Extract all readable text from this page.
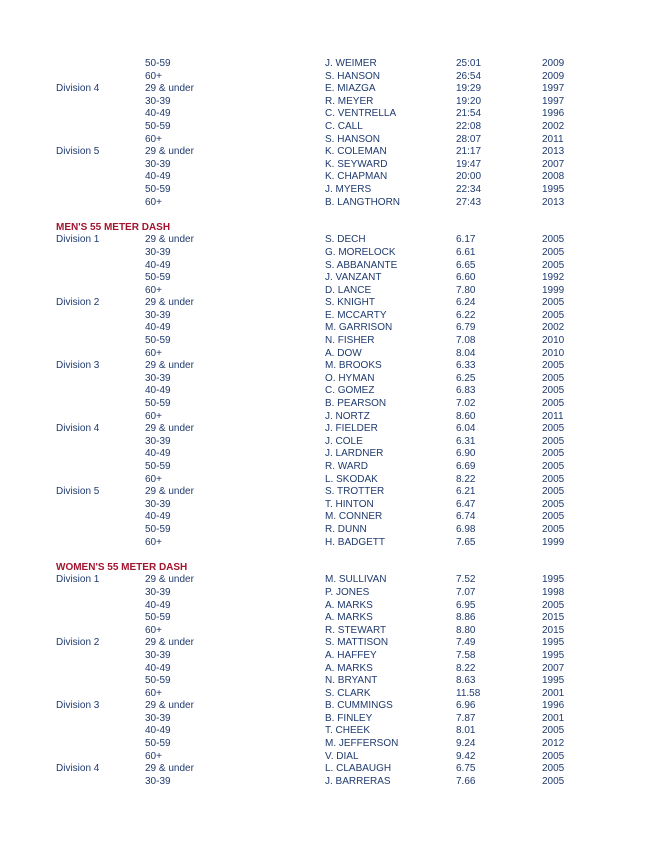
50-59	J. WEIMER	25:01	2009
60+	S. HANSON	26:54	2009
Division 4	29 & under	E. MIAZGA	19:29	1997
30-39	R. MEYER	19:20	1997
40-49	C. VENTRELLA	21:54	1996
50-59	C. CALL	22:08	2002
60+	S. HANSON	28:07	2011
Division 5	29 & under	K. COLEMAN	21:17	2013
30-39	K. SEYWARD	19:47	2007
40-49	K. CHAPMAN	20:00	2008
50-59	J. MYERS	22:34	1995
60+	B. LANGTHORN	27:43	2013
MEN'S 55 METER DASH
Division 1	29 & under	S. DECH	6.17	2005
30-39	G. MORELOCK	6.61	2005
40-49	S. ABBANANTE	6.65	2005
50-59	J. VANZANT	6.60	1992
60+	D. LANCE	7.80	1999
Division 2	29 & under	S. KNIGHT	6.24	2005
30-39	E. MCCARTY	6.22	2005
40-49	M. GARRISON	6.79	2002
50-59	N. FISHER	7.08	2010
60+	A. DOW	8.04	2010
Division 3	29 & under	M. BROOKS	6.33	2005
30-39	O. HYMAN	6.25	2005
40-49	C. GOMEZ	6.83	2005
50-59	B. PEARSON	7.02	2005
60+	J. NORTZ	8.60	2011
Division 4	29 & under	J. FIELDER	6.04	2005
30-39	J. COLE	6.31	2005
40-49	J. LARDNER	6.90	2005
50-59	R. WARD	6.69	2005
60+	L. SKODAK	8.22	2005
Division 5	29 & under	S. TROTTER	6.21	2005
30-39	T. HINTON	6.47	2005
40-49	M. CONNER	6.74	2005
50-59	R. DUNN	6.98	2005
60+	H. BADGETT	7.65	1999
WOMEN'S 55 METER DASH
Division 1	29 & under	M. SULLIVAN	7.52	1995
30-39	P. JONES	7.07	1998
40-49	A. MARKS	6.95	2005
50-59	A. MARKS	8.86	2015
60+	R. STEWART	8.80	2015
Division 2	29 & under	S. MATTISON	7.49	1995
30-39	A. HAFFEY	7.58	1995
40-49	A. MARKS	8.22	2007
50-59	N. BRYANT	8.63	1995
60+	S. CLARK	11.58	2001
Division 3	29 & under	B. CUMMINGS	6.96	1996
30-39	B. FINLEY	7.87	2001
40-49	T. CHEEK	8.01	2005
50-59	M. JEFFERSON	9.24	2012
60+	V. DIAL	9.42	2005
Division 4	29 & under	L. CLABAUGH	6.75	2005
30-39	J. BARRERAS	7.66	2005
